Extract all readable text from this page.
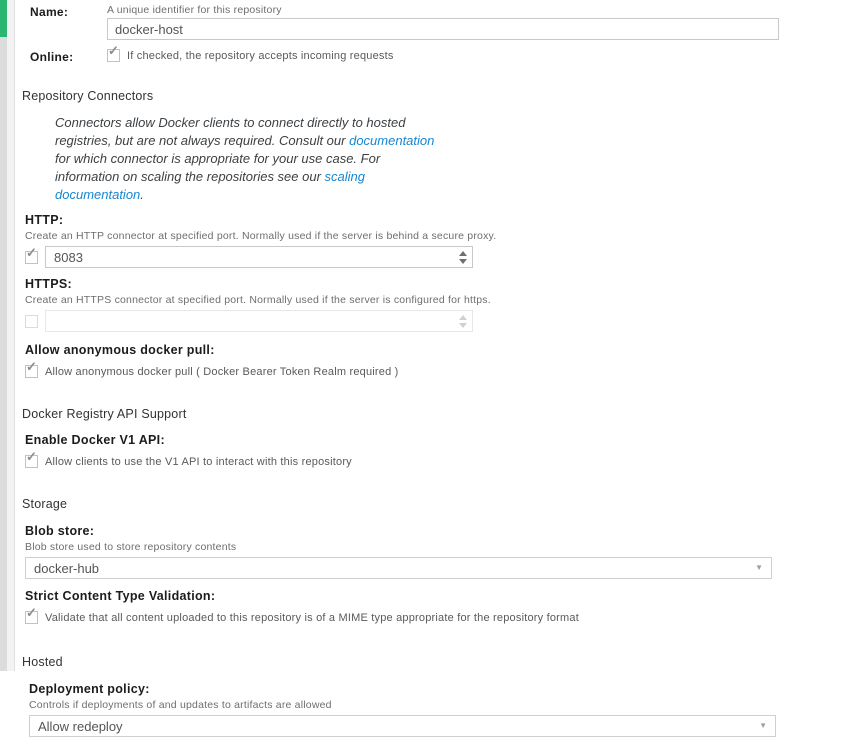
Name:	A unique identifier for this repository
docker-host
Online:	✓ If checked, the repository accepts incoming requests
Repository Connectors
Connectors allow Docker clients to connect directly to hosted registries, but are not always required. Consult our documentation for which connector is appropriate for your use case. For information on scaling the repositories see our scaling documentation.
HTTP:
Create an HTTP connector at specified port. Normally used if the server is behind a secure proxy.
✓
8083
HTTPS:
Create an HTTPS connector at specified port. Normally used if the server is configured for https.
Allow anonymous docker pull:
✓ Allow anonymous docker pull ( Docker Bearer Token Realm required )
Docker Registry API Support
Enable Docker V1 API:
✓ Allow clients to use the V1 API to interact with this repository
Storage
Blob store:
Blob store used to store repository contents
docker-hub	▼
Strict Content Type Validation:
✓ Validate that all content uploaded to this repository is of a MIME type appropriate for the repository format
Hosted
Deployment policy:
Controls if deployments of and updates to artifacts are allowed
Allow redeploy	▼
